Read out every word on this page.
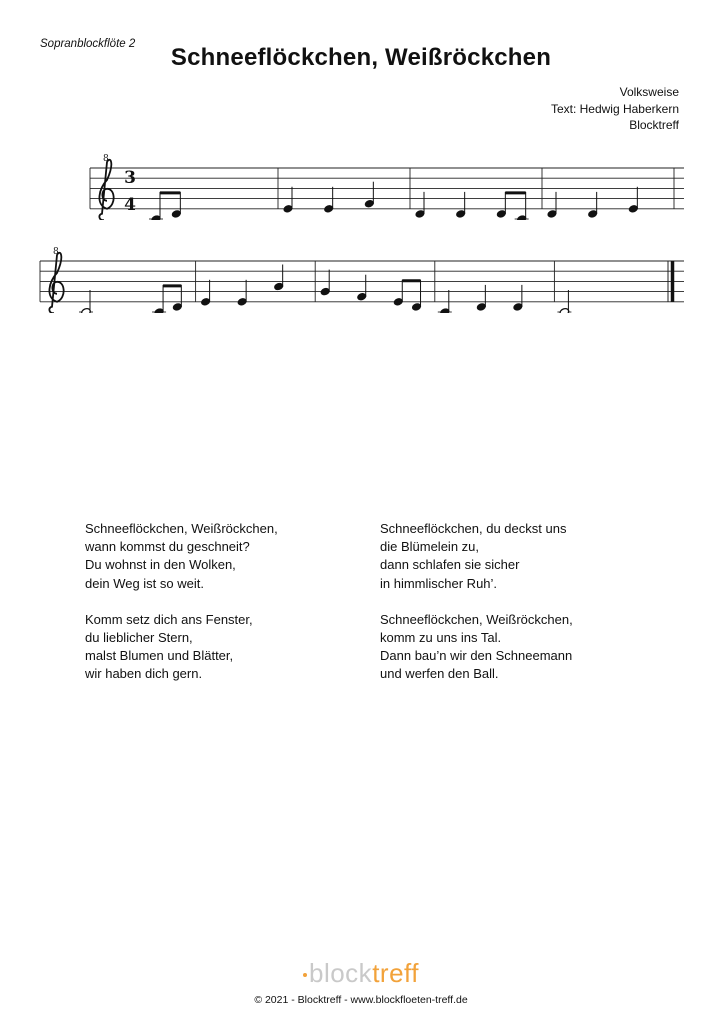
Sopranblockflöte 2	Schneeflöckchen, Weißröckchen
Volksweise
Text: Hedwig Haberkern
Blocktreff
8
3
4
8
Schneeflöckchen, Weißröckchen,
wann kommst du geschneit?
Du wohnst in den Wolken,
dein Weg ist so weit.
Komm setz dich ans Fenster,
du lieblicher Stern,
malst Blumen und Blätter,
wir haben dich gern.
Schneeflöckchen, du deckst uns
die Blümelein zu,
dann schlafen sie sicher
in himmlischer Ruh’.
Schneeflöckchen, Weißröckchen,
komm zu uns ins Tal.
Dann bau’n wir den Schneemann
und werfen den Ball.
blocktreff
© 2021 - Blocktreff - www.blockfloeten-treff.de
